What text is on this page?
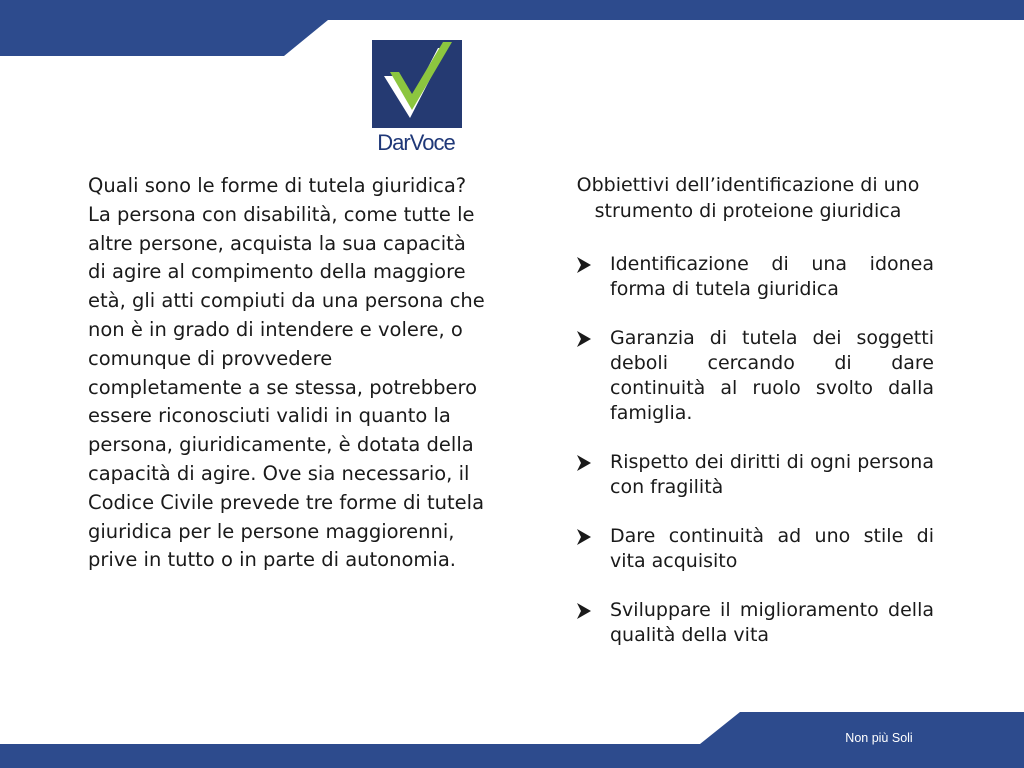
DarVoce

Quali sono le forme di tutela giuridica?

La persona con disabilità, come tutte le altre persone, acquista la sua capacità di agire al compimento della maggiore età, gli atti compiuti da una persona che non è in grado di intendere e volere, o comunque di provvedere completamente a se stessa, potrebbero essere riconosciuti validi in quanto la persona, giuridicamente, è dotata della capacità di agire. Ove sia necessario, il Codice Civile prevede tre forme di tutela giuridica per le persone maggiorenni, prive in tutto o in parte di autonomia.

Obbiettivi dell’identificazione di uno strumento di proteione giuridica
Identificazione di una idonea forma di tutela giuridica
Garanzia di tutela dei soggetti deboli cercando di dare continuità al ruolo svolto dalla famiglia.
Rispetto dei diritti di ogni persona con fragilità
Dare continuità ad uno stile di vita acquisito
Sviluppare il miglioramento della qualità della vita
Non più Soli
